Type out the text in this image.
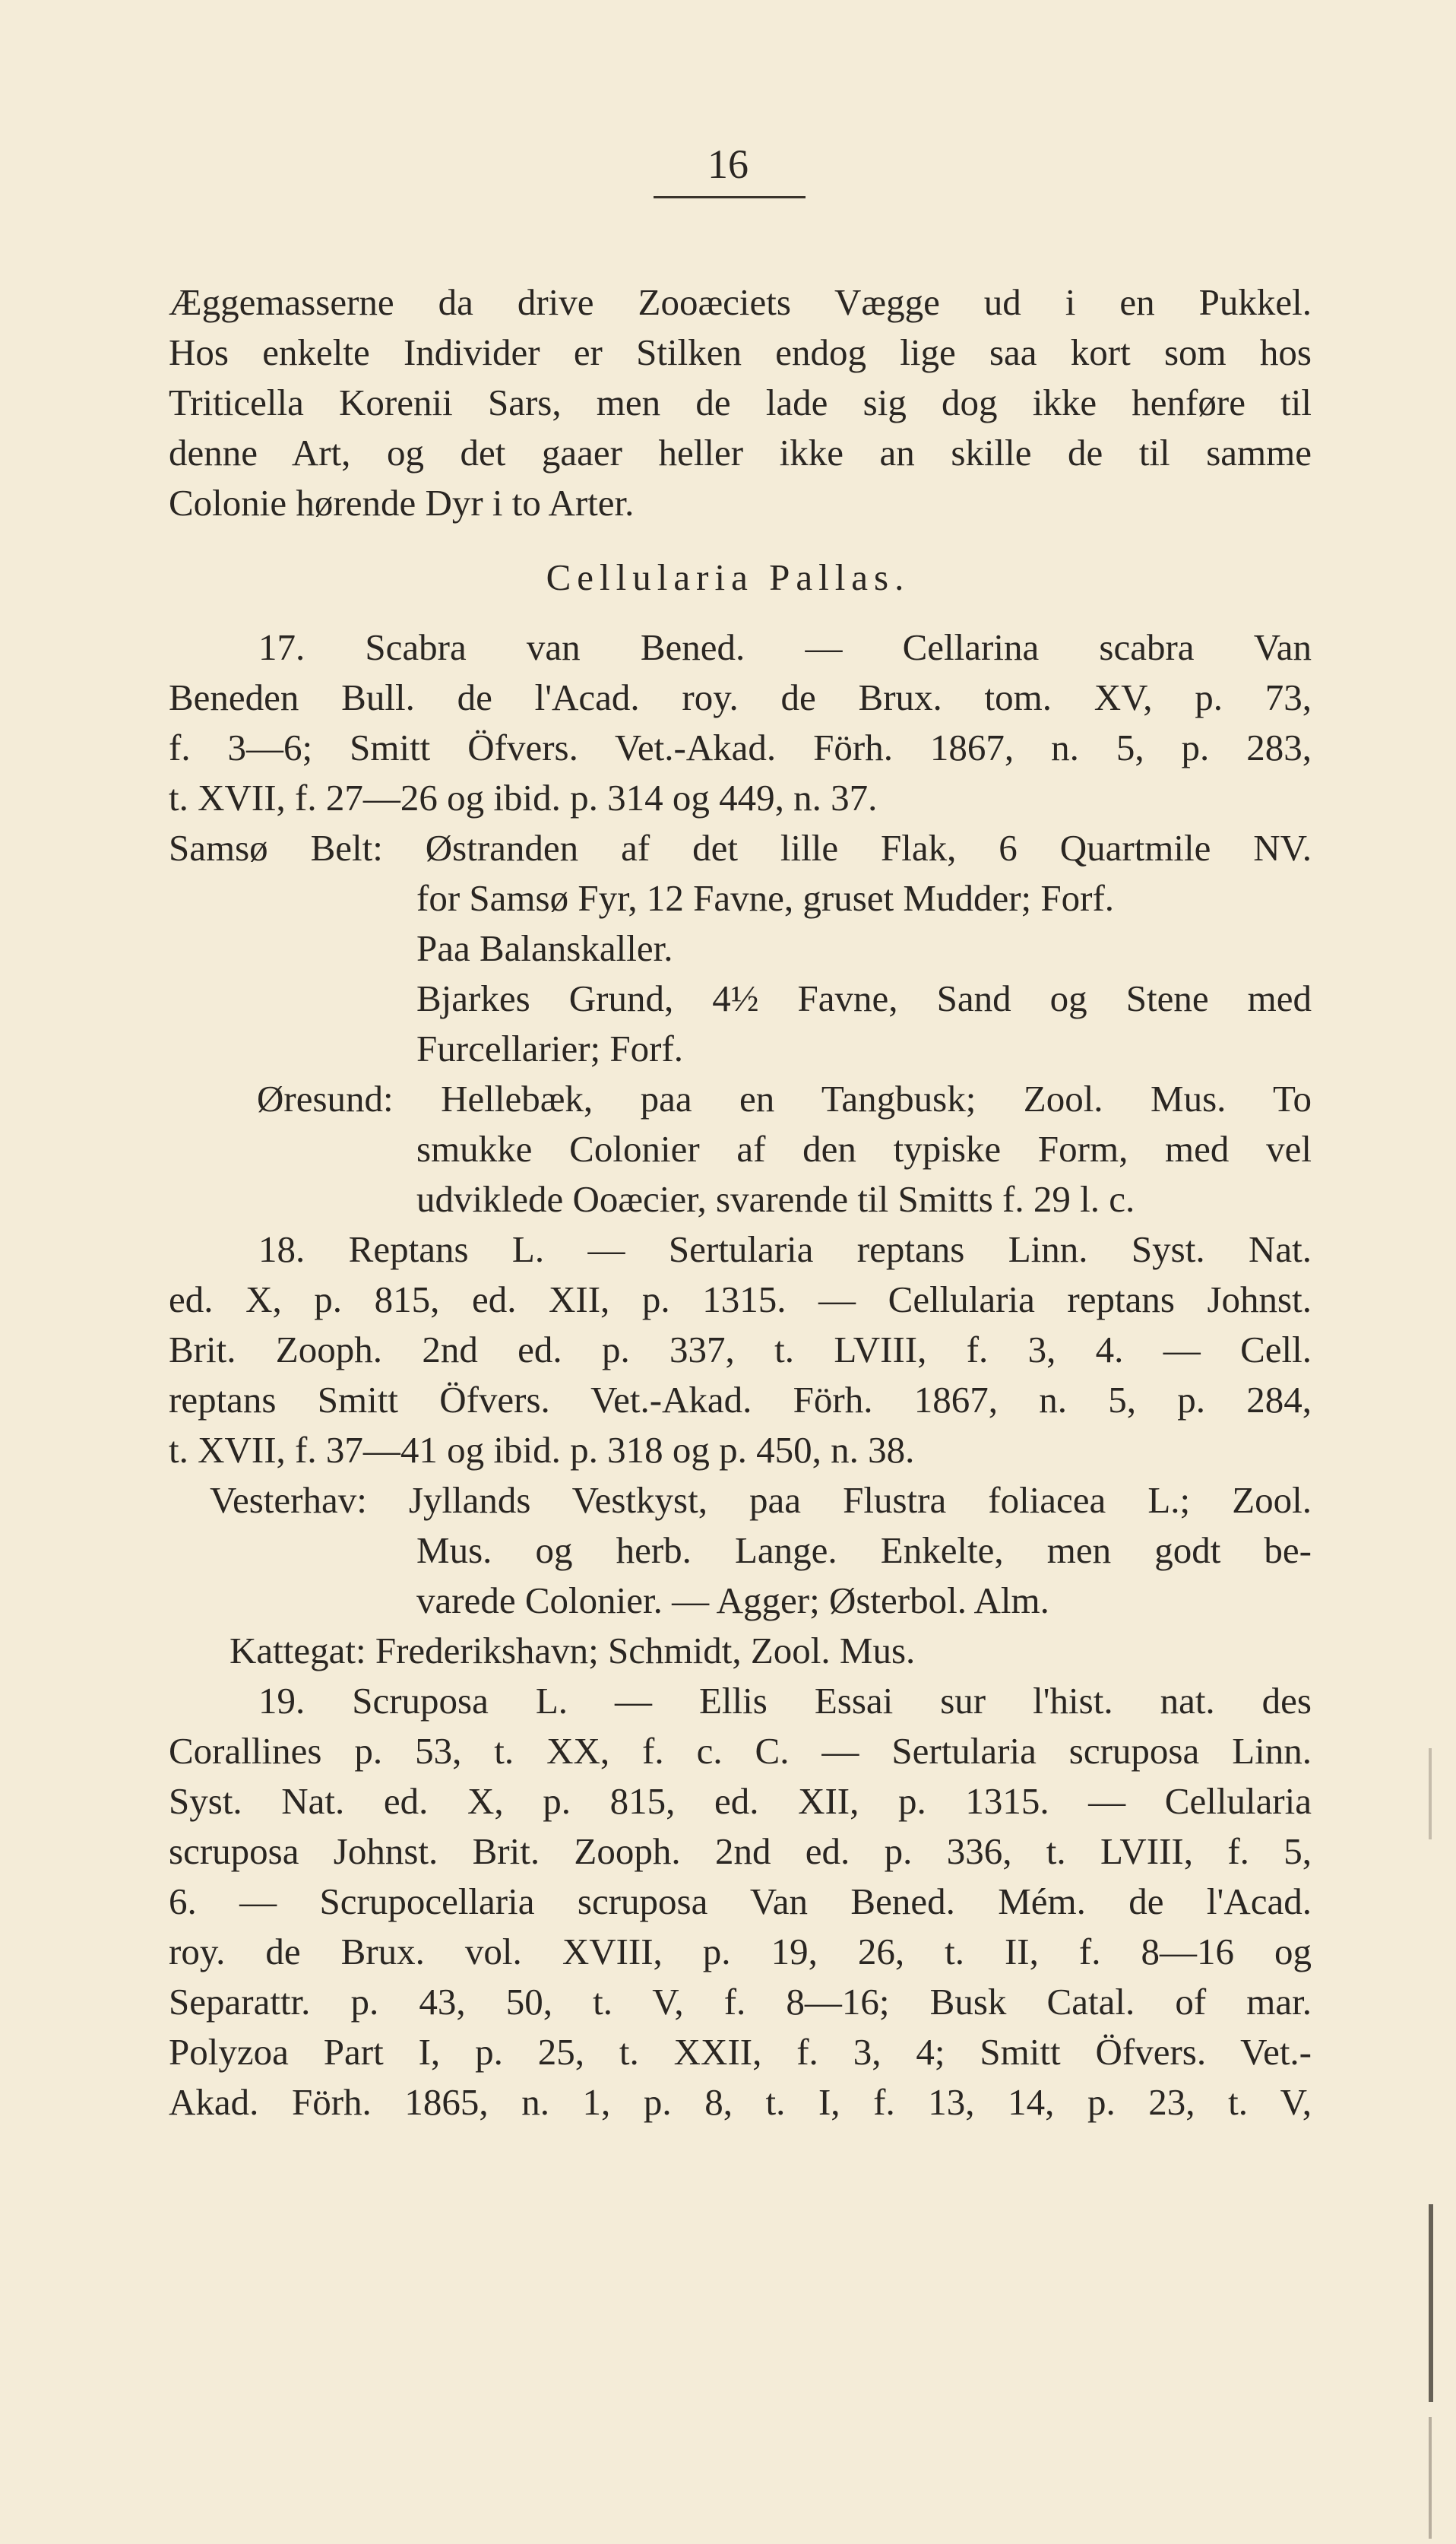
16
Æggemasserne da drive Zooæciets Vægge ud i en Pukkel.
Hos enkelte Individer er Stilken endog lige saa kort som hos
Triticella Korenii Sars, men de lade sig dog ikke henføre til
denne Art, og det gaaer heller ikke an skille de til samme
Colonie hørende Dyr i to Arter.
Cellularia Pallas.
17. Scabra van Bened. — Cellarina scabra Van
Beneden Bull. de l'Acad. roy. de Brux. tom. XV, p. 73,
f. 3—6; Smitt Öfvers. Vet.-Akad. Förh. 1867, n. 5, p. 283,
t. XVII, f. 27—26 og ibid. p. 314 og 449, n. 37.
Samsø Belt: Østranden af det lille Flak, 6 Quartmile NV.
for Samsø Fyr, 12 Favne, gruset Mudder; Forf.
Paa Balanskaller.
Bjarkes Grund, 4½ Favne, Sand og Stene med
Furcellarier; Forf.
Øresund: Hellebæk, paa en Tangbusk; Zool. Mus. To
smukke Colonier af den typiske Form, med vel
udviklede Ooæcier, svarende til Smitts f. 29 l. c.
18. Reptans L. — Sertularia reptans Linn. Syst. Nat.
ed. X, p. 815, ed. XII, p. 1315. — Cellularia reptans Johnst.
Brit. Zooph. 2nd ed. p. 337, t. LVIII, f. 3, 4. — Cell.
reptans Smitt Öfvers. Vet.-Akad. Förh. 1867, n. 5, p. 284,
t. XVII, f. 37—41 og ibid. p. 318 og p. 450, n. 38.
Vesterhav: Jyllands Vestkyst, paa Flustra foliacea L.; Zool.
Mus. og herb. Lange. Enkelte, men godt be-
varede Colonier. — Agger; Østerbol. Alm.
Kattegat: Frederikshavn; Schmidt, Zool. Mus.
19. Scruposa L. — Ellis Essai sur l'hist. nat. des
Corallines p. 53, t. XX, f. c. C. — Sertularia scruposa Linn.
Syst. Nat. ed. X, p. 815, ed. XII, p. 1315. — Cellularia
scruposa Johnst. Brit. Zooph. 2nd ed. p. 336, t. LVIII, f. 5,
6. — Scrupocellaria scruposa Van Bened. Mém. de l'Acad.
roy. de Brux. vol. XVIII, p. 19, 26, t. II, f. 8—16 og
Separattr. p. 43, 50, t. V, f. 8—16; Busk Catal. of mar.
Polyzoa Part I, p. 25, t. XXII, f. 3, 4; Smitt Öfvers. Vet.-
Akad. Förh. 1865, n. 1, p. 8, t. I, f. 13, 14, p. 23, t. V,
